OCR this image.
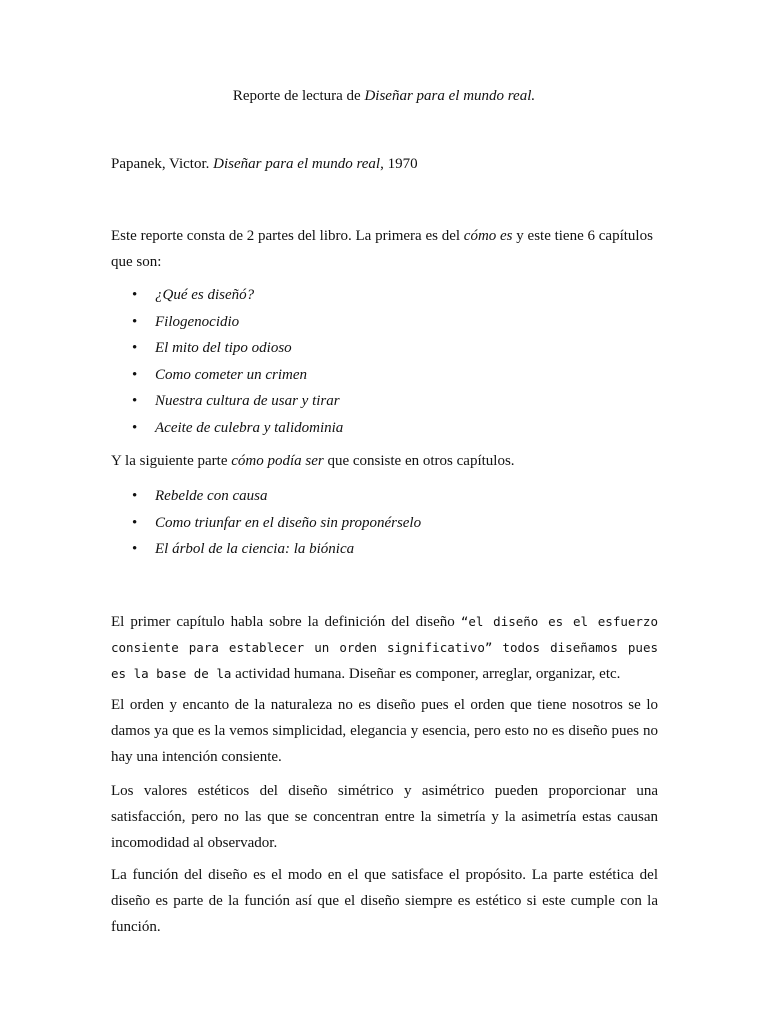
Reporte de lectura de Diseñar para el mundo real.
Papanek, Victor. Diseñar para el mundo real, 1970
Este reporte consta de 2 partes del libro. La primera es del cómo es y este tiene 6 capítulos que son:
• ¿Qué es diseñó?
• Filogenocidio
• El mito del tipo odioso
• Como cometer un crimen
• Nuestra cultura de usar y tirar
• Aceite de culebra y talidominia
Y la siguiente parte cómo podía ser que consiste en otros capítulos.
• Rebelde con causa
• Como triunfar en el diseño sin proponérselo
• El árbol de la ciencia: la biónica
El primer capítulo habla sobre la definición del diseño “el diseño es el esfuerzo consiente para establecer un orden significativo” todos diseñamos pues es la base de la actividad humana. Diseñar es componer, arreglar, organizar, etc.
El orden y encanto de la naturaleza no es diseño pues el orden que tiene nosotros se lo damos ya que es la vemos simplicidad, elegancia y esencia, pero esto no es diseño pues no hay una intención consiente.
Los valores estéticos del diseño simétrico y asimétrico pueden proporcionar una satisfacción, pero no las que se concentran entre la simetría y la asimetría estas causan incomodidad al observador.
La función del diseño es el modo en el que satisface el propósito. La parte estética del diseño es parte de la función así que el diseño siempre es estético si este cumple con la función.
